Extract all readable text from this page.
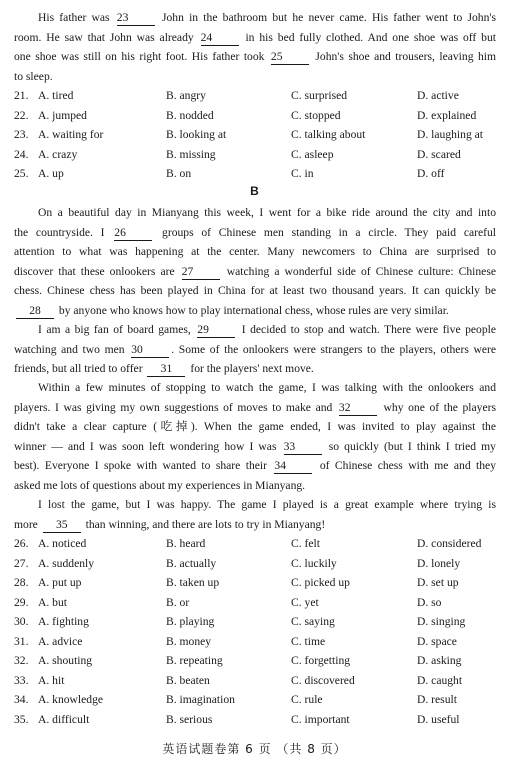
His father was 23 John in the bathroom but he never came. His father went to John's
room. He saw that John was already 24 in his bed fully clothed. And one shoe was off but
one shoe was still on his right foot. His father took 25 John's shoe and trousers, leaving him
to sleep.
21. A. tired	B. angry	C. surprised	D. active
22. A. jumped	B. nodded	C. stopped	D. explained
23. A. waiting for	B. looking at	C. talking about	D. laughing at
24. A. crazy	B. missing	C. asleep	D. scared
25. A. up	B. on	C. in	D. off
B
On a beautiful day in Mianyang this week, I went for a bike ride around the city and into
the countryside. I 26 groups of Chinese men standing in a circle. They paid careful
attention to what was happening at the center. Many newcomers to China are surprised to
discover that these onlookers are 27 watching a wonderful side of Chinese culture: Chinese
chess. Chinese chess has been played in China for at least two thousand years. It can quickly be
28 by anyone who knows how to play international chess, whose rules are very similar.
I am a big fan of board games, 29 I decided to stop and watch. There were five people
watching and two men 30 . Some of the onlookers were strangers to the players, others were
friends, but all tried to offer 31 for the players' next move.
Within a few minutes of stopping to watch the game, I was talking with the onlookers and
players. I was giving my own suggestions of moves to make and 32 why one of the players
didn't take a clear capture (吃掉). When the game ended, I was invited to play against the
winner — and I was soon left wondering how I was 33 so quickly (but I think I tried my
best). Everyone I spoke with wanted to share their 34 of Chinese chess with me and they
asked me lots of questions about my experiences in Mianyang.
I lost the game, but I was happy. The game I played is a great example where trying is
more 35 than winning, and there are lots to try in Mianyang!
26. A. noticed	B. heard	C. felt	D. considered
27. A. suddenly	B. actually	C. luckily	D. lonely
28. A. put up	B. taken up	C. picked up	D. set up
29. A. but	B. or	C. yet	D. so
30. A. fighting	B. playing	C. saying	D. singing
31. A. advice	B. money	C. time	D. space
32. A. shouting	B. repeating	C. forgetting	D. asking
33. A. hit	B. beaten	C. discovered	D. caught
34. A. knowledge	B. imagination	C. rule	D. result
35. A. difficult	B. serious	C. important	D. useful
英语试题卷第 6 页 （共 8 页）
